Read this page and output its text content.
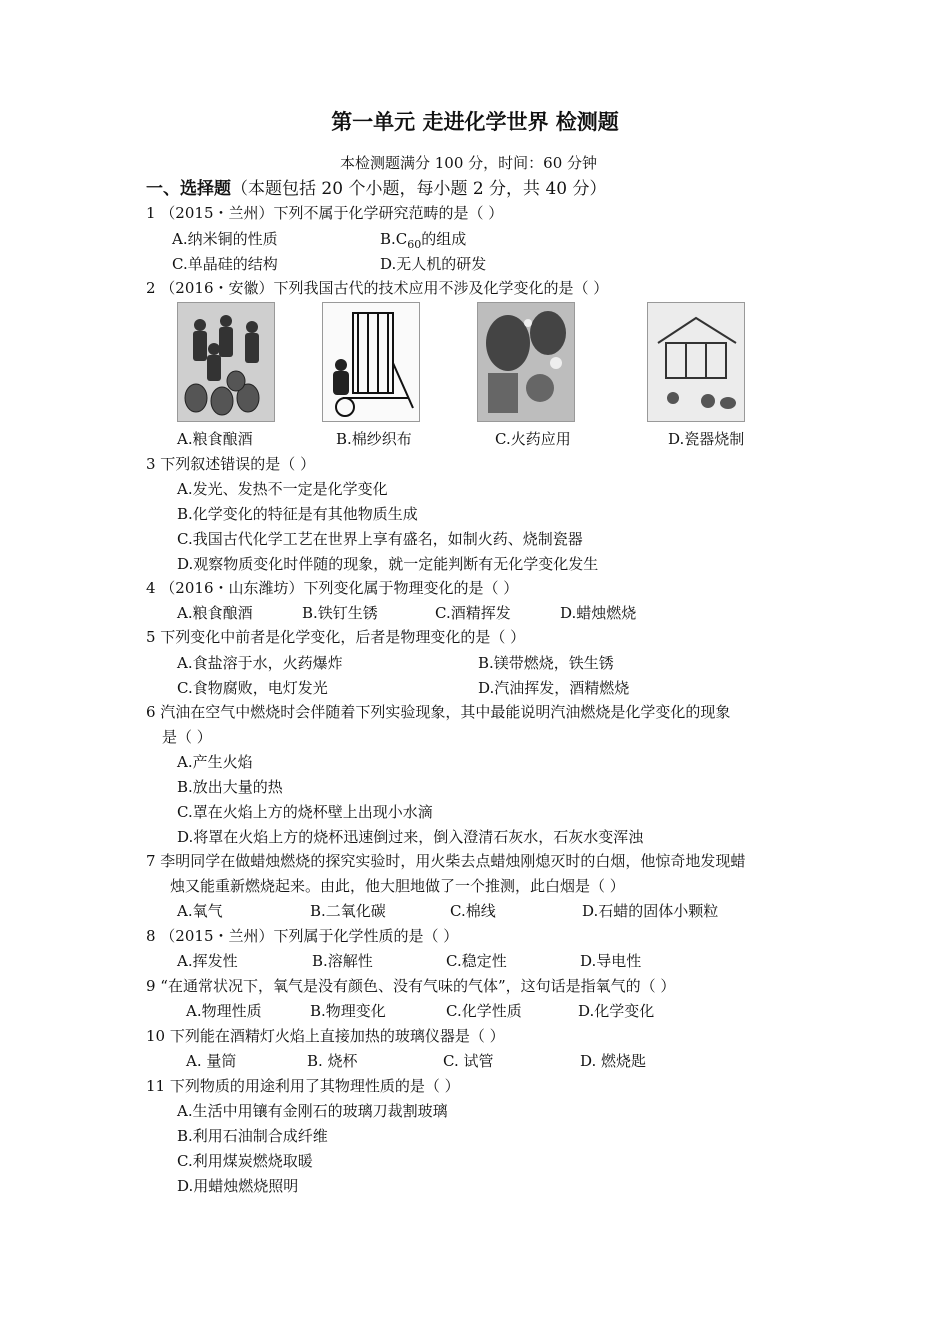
第一单元 走进化学世界 检测题
本检测题满分 100 分，时间：60 分钟
一、选择题（本题包括 20 个小题，每小题 2 分，共 40 分）
1 （2015・兰州）下列不属于化学研究范畴的是（ ）
A.纳米铜的性质	$B.C_{60}$的组成
C.单晶硅的结构	D.无人机的研发
2 （2016・安徽）下列我国古代的技术应用不涉及化学变化的是（ ）
A.粮食酿酒	B.棉纱织布	C.火药应用	D.瓷器烧制
3 下列叙述错误的是（ ）
A.发光、发热不一定是化学变化
B.化学变化的特征是有其他物质生成
C.我国古代化学工艺在世界上享有盛名，如制火药、烧制瓷器
D.观察物质变化时伴随的现象，就一定能判断有无化学变化发生
4 （2016・山东潍坊）下列变化属于物理变化的是（ ）
A.粮食酿酒	B.铁钉生锈	C.酒精挥发	D.蜡烛燃烧
5 下列变化中前者是化学变化，后者是物理变化的是（ ）
A.食盐溶于水，火药爆炸	B.镁带燃烧，铁生锈
C.食物腐败，电灯发光	D.汽油挥发，酒精燃烧
6 汽油在空气中燃烧时会伴随着下列实验现象，其中最能说明汽油燃烧是化学变化的现象
是（ ）
A.产生火焰
B.放出大量的热
C.罩在火焰上方的烧杯壁上出现小水滴
D.将罩在火焰上方的烧杯迅速倒过来，倒入澄清石灰水，石灰水变浑浊
7 李明同学在做蜡烛燃烧的探究实验时，用火柴去点蜡烛刚熄灭时的白烟，他惊奇地发现蜡
烛又能重新燃烧起来。由此，他大胆地做了一个推测，此白烟是（ ）
A.氧气	B.二氧化碳	C.棉线	D.石蜡的固体小颗粒
8 （2015・兰州）下列属于化学性质的是（ ）
A.挥发性	B.溶解性	C.稳定性	D.导电性
9 “在通常状况下，氧气是没有颜色、没有气味的气体”，这句话是指氧气的（ ）
A.物理性质	B.物理变化	C.化学性质	D.化学变化
10 下列能在酒精灯火焰上直接加热的玻璃仪器是（ ）
A. 量筒	B. 烧杯	C. 试管	D. 燃烧匙
11 下列物质的用途利用了其物理性质的是（ ）
A.生活中用镶有金刚石的玻璃刀裁割玻璃
B.利用石油制合成纤维
C.利用煤炭燃烧取暖
D.用蜡烛燃烧照明
